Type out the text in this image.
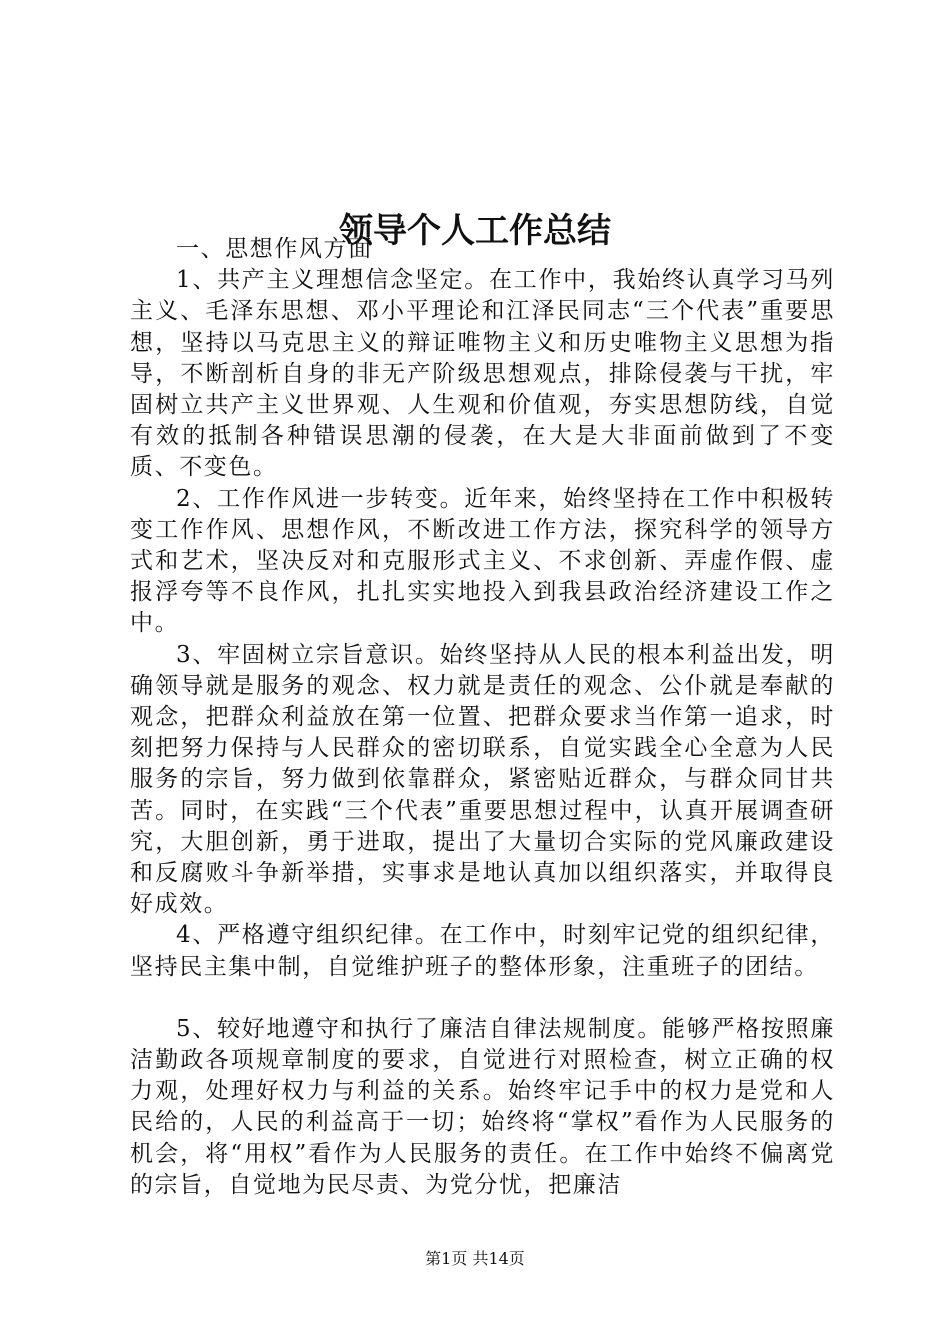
领导个人工作总结

一、思想作风方面

1、共产主义理想信念坚定。在工作中，我始终认真学习马列主义、毛泽东思想、邓小平理论和江泽民同志“三个代表”重要思想，坚持以马克思主义的辩证唯物主义和历史唯物主义思想为指导，不断剖析自身的非无产阶级思想观点，排除侵袭与干扰，牢固树立共产主义世界观、人生观和价值观，夯实思想防线，自觉有效的抵制各种错误思潮的侵袭，在大是大非面前做到了不变质、不变色。

2、工作作风进一步转变。近年来，始终坚持在工作中积极转变工作作风、思想作风，不断改进工作方法，探究科学的领导方式和艺术，坚决反对和克服形式主义、不求创新、弄虚作假、虚报浮夸等不良作风，扎扎实实地投入到我县政治经济建设工作之中。

3、牢固树立宗旨意识。始终坚持从人民的根本利益出发，明确领导就是服务的观念、权力就是责任的观念、公仆就是奉献的观念，把群众利益放在第一位置、把群众要求当作第一追求，时刻把努力保持与人民群众的密切联系，自觉实践全心全意为人民服务的宗旨，努力做到依靠群众，紧密贴近群众，与群众同甘共苦。同时，在实践“三个代表”重要思想过程中，认真开展调查研究，大胆创新，勇于进取，提出了大量切合实际的党风廉政建设和反腐败斗争新举措，实事求是地认真加以组织落实，并取得良好成效。

4、严格遵守组织纪律。在工作中，时刻牢记党的组织纪律，坚持民主集中制，自觉维护班子的整体形象，注重班子的团结。

5、较好地遵守和执行了廉洁自律法规制度。能够严格按照廉洁勤政各项规章制度的要求，自觉进行对照检查，树立正确的权力观，处理好权力与利益的关系。始终牢记手中的权力是党和人民给的，人民的利益高于一切；始终将“掌权”看作为人民服务的机会，将“用权”看作为人民服务的责任。在工作中始终不偏离党的宗旨，自觉地为民尽责、为党分忧，把廉洁

第1页 共14页
